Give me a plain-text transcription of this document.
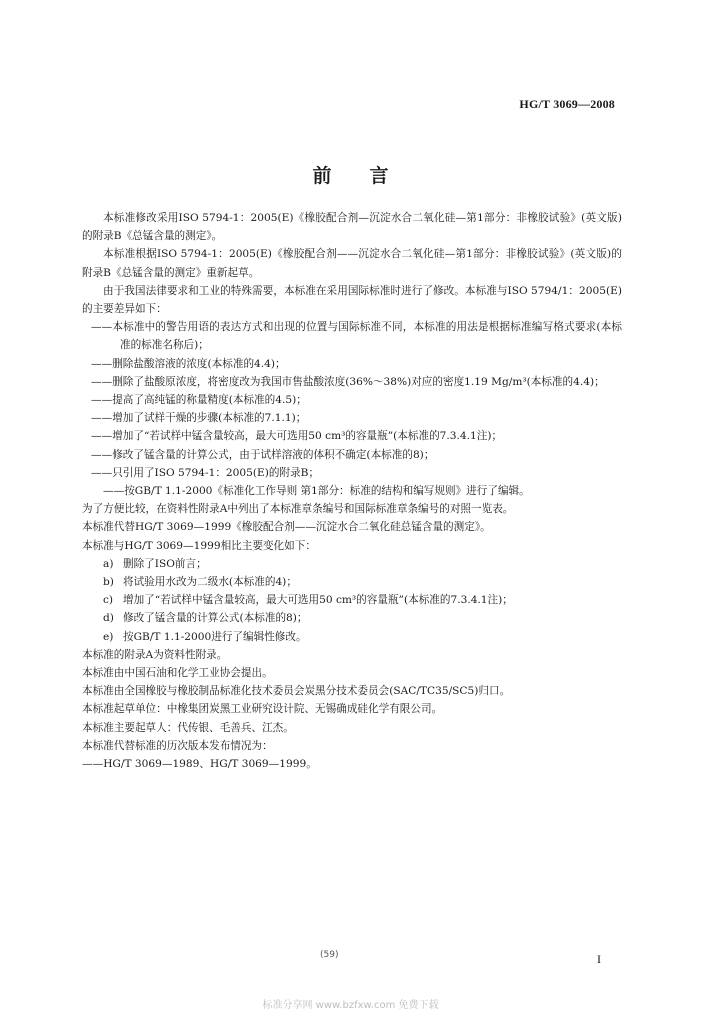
HG/T 3069—2008
前言

本标准修改采用ISO 5794-1：2005(E)《橡胶配合剂—沉淀水合二氧化硅—第1部分：非橡胶试验》(英文版)的附录B《总锰含量的测定》。

本标准根据ISO 5794-1：2005(E)《橡胶配合剂——沉淀水合二氧化硅—第1部分：非橡胶试验》(英文版)的附录B《总锰含量的测定》重新起草。

由于我国法律要求和工业的特殊需要，本标准在采用国际标准时进行了修改。本标准与ISO 5794/1：2005(E)的主要差异如下：

——本标准中的警告用语的表达方式和出现的位置与国际标准不同，本标准的用法是根据标准编写格式要求(本标准的标准名称后)；

——删除盐酸溶液的浓度(本标准的4.4)；

——删除了盐酸原浓度，将密度改为我国市售盐酸浓度(36%～38%)对应的密度1.19 Mg/m³(本标准的4.4)；

——提高了高纯锰的称量精度(本标准的4.5)；

——增加了试样干燥的步骤(本标准的7.1.1)；

——增加了“若试样中锰含量较高，最大可选用50 cm³的容量瓶”(本标准的7.3.4.1注)；

——修改了锰含量的计算公式，由于试样溶液的体积不确定(本标准的8)；

——只引用了ISO 5794-1：2005(E)的附录B；

——按GB/T 1.1-2000《标准化工作导则 第1部分：标准的结构和编写规则》进行了编辑。

为了方便比较，在资料性附录A中列出了本标准章条编号和国际标准章条编号的对照一览表。

本标准代替HG/T 3069—1999《橡胶配合剂——沉淀水合二氧化硅总锰含量的测定》。

本标准与HG/T 3069—1999相比主要变化如下：

a) 删除了ISO前言；
b) 将试验用水改为二级水(本标准的4)；
c) 增加了“若试样中锰含量较高，最大可选用50 cm³的容量瓶”(本标准的7.3.4.1注)；
d) 修改了锰含量的计算公式(本标准的8)；
e) 按GB/T 1.1-2000进行了编辑性修改。

本标准的附录A为资料性附录。

本标准由中国石油和化学工业协会提出。

本标准由全国橡胶与橡胶制品标准化技术委员会炭黑分技术委员会(SAC/TC35/SC5)归口。

本标准起草单位：中橡集团炭黑工业研究设计院、无锡确成硅化学有限公司。

本标准主要起草人：代传银、毛善兵、江杰。

本标准代替标准的历次版本发布情况为：

——HG/T 3069—1989、HG/T 3069—1999。

(59)	I
标准分享网 www.bzfxw.com 免费下载
